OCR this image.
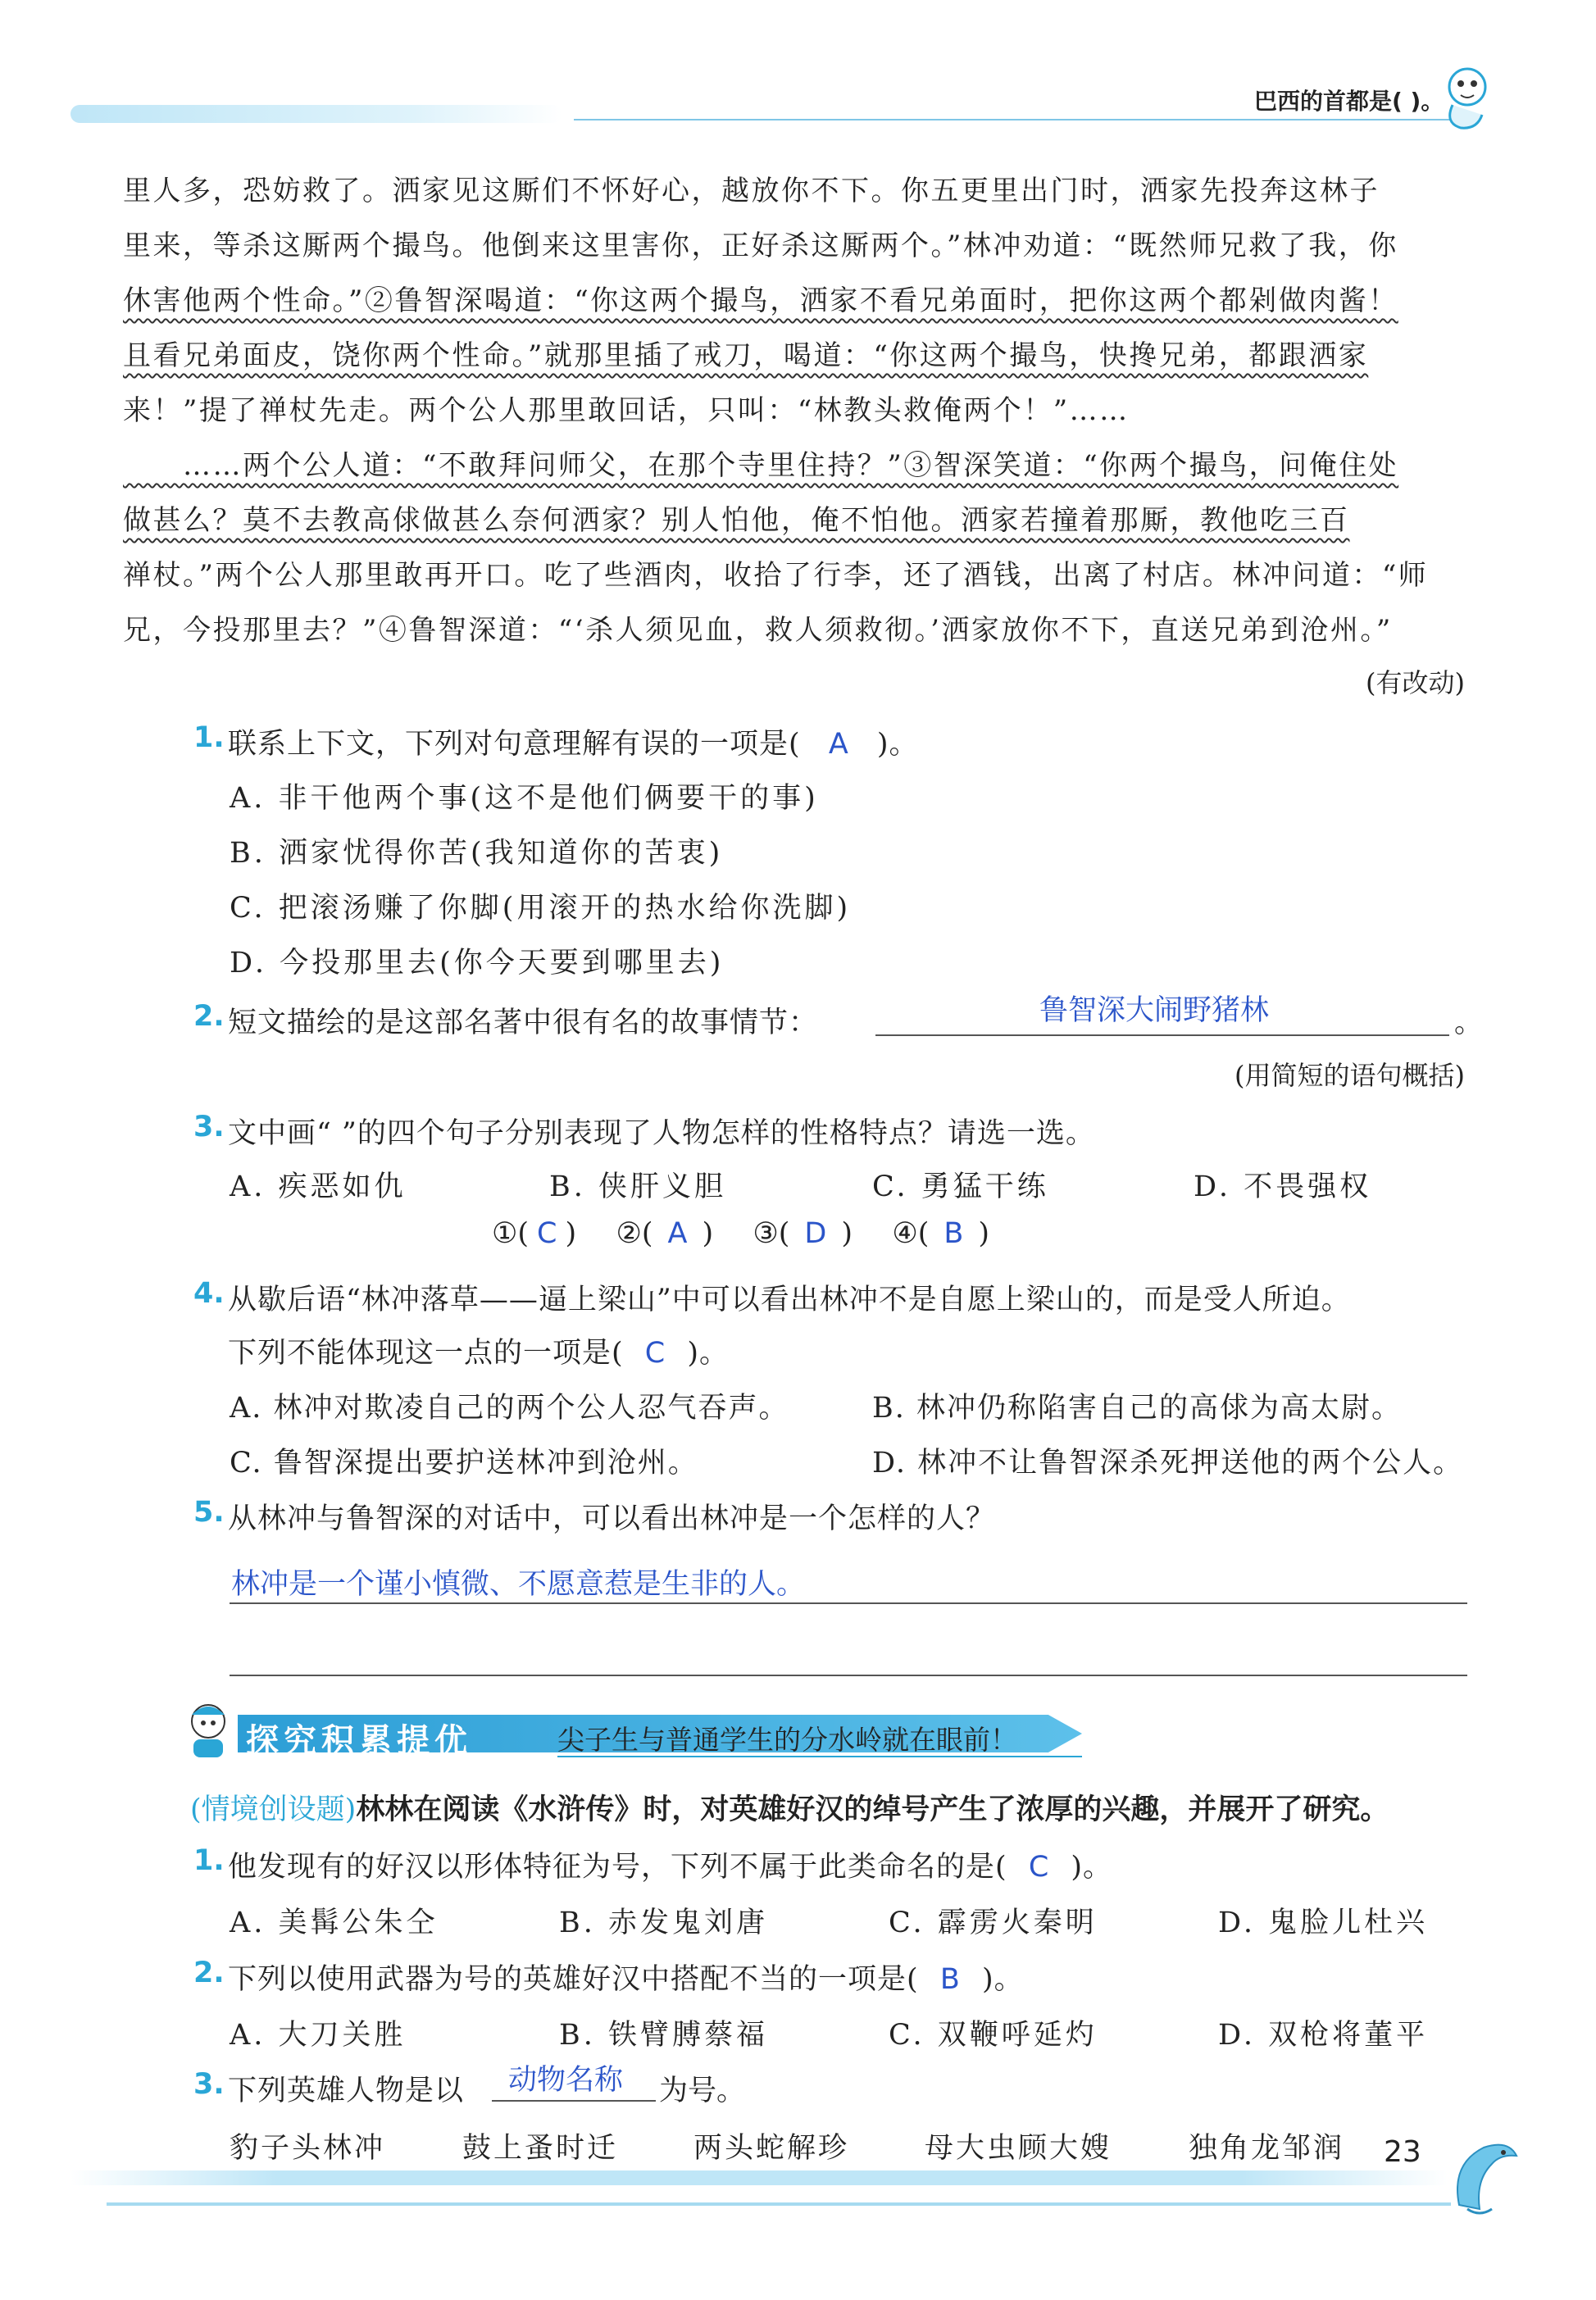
巴西的首都是( )。
里人多，恐妨救了。洒家见这厮们不怀好心，越放你不下。你五更里出门时，洒家先投奔这林子
里来，等杀这厮两个撮鸟。他倒来这里害你，正好杀这厮两个。”林冲劝道：“既然师兄救了我，你
休害他两个性命。”②鲁智深喝道：“你这两个撮鸟，洒家不看兄弟面时，把你这两个都剁做肉酱！
且看兄弟面皮，饶你两个性命。”就那里插了戒刀，喝道：“你这两个撮鸟，快搀兄弟，都跟洒家
来！”提了禅杖先走。两个公人那里敢回话，只叫：“林教头救俺两个！”……
　　……两个公人道：“不敢拜问师父，在那个寺里住持？”③智深笑道：“你两个撮鸟，问俺住处
做甚么？莫不去教高俅做甚么奈何洒家？别人怕他，俺不怕他。洒家若撞着那厮，教他吃三百
禅杖。”两个公人那里敢再开口。吃了些酒肉，收拾了行李，还了酒钱，出离了村店。林冲问道：“师
兄，今投那里去？”④鲁智深道：“‘杀人须见血，救人须救彻。’洒家放你不下，直送兄弟到沧州。”
(有改动)
1. 联系上下文，下列对句意理解有误的一项是( A )。
A. 非干他两个事(这不是他们俩要干的事)
B. 洒家忧得你苦(我知道你的苦衷)
C. 把滚汤赚了你脚(用滚开的热水给你洗脚)
D. 今投那里去(你今天要到哪里去)
2. 短文描绘的是这部名著中很有名的故事情节：	鲁智深大闹野猪林	。
(用简短的语句概括)
3. 文中画“ ”的四个句子分别表现了人物怎样的性格特点？请选一选。
A. 疾恶如仇	B. 侠肝义胆	C. 勇猛干练	D. 不畏强权
①( C ) ②( A ) ③( D ) ④( B )
4. 从歇后语“林冲落草——逼上梁山”中可以看出林冲不是自愿上梁山的，而是受人所迫。
下列不能体现这一点的一项是( C )。
A. 林冲对欺凌自己的两个公人忍气吞声。	B. 林冲仍称陷害自己的高俅为高太尉。
C. 鲁智深提出要护送林冲到沧州。	D. 林冲不让鲁智深杀死押送他的两个公人。
5. 从林冲与鲁智深的对话中，可以看出林冲是一个怎样的人？
林冲是一个谨小慎微、不愿意惹是生非的人。
探究积累提优	尖子生与普通学生的分水岭就在眼前！
(情境创设题)林林在阅读《水浒传》时，对英雄好汉的绰号产生了浓厚的兴趣，并展开了研究。
1. 他发现有的好汉以形体特征为号，下列不属于此类命名的是( C )。
A. 美髯公朱仝	B. 赤发鬼刘唐	C. 霹雳火秦明	D. 鬼脸儿杜兴
2. 下列以使用武器为号的英雄好汉中搭配不当的一项是( B )。
A. 大刀关胜	B. 铁臂膊蔡福	C. 双鞭呼延灼	D. 双枪将董平
3. 下列英雄人物是以 动物名称 为号。
豹子头林冲	鼓上蚤时迁	两头蛇解珍	母大虫顾大嫂	独角龙邹润 23
